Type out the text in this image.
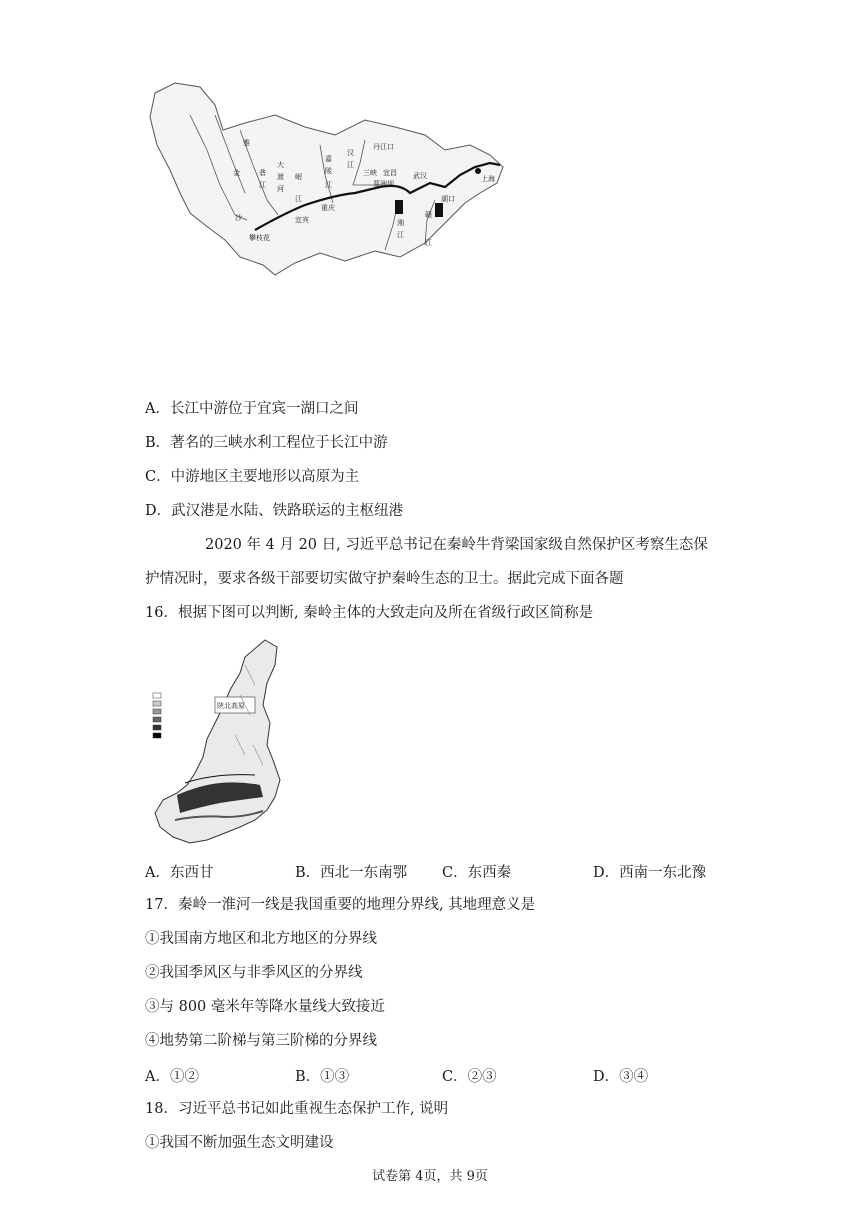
雅
金	砻
江
沙
大
渡
河
岷
江
嘉
陵
江
汉
江
丹江口
三峡 宜昌
葛洲坝
武汉
重庆
宜宾
湖口
上海
湘
江
赣
江
攀枝花
A．长江中游位于宜宾一湖口之间
B．著名的三峡水利工程位于长江中游
C．中游地区主要地形以高原为主
D．武汉港是水陆、铁路联运的主枢纽港
2020 年 4 月 20 日, 习近平总书记在秦岭牛背梁国家级自然保护区考察生态保
护情况时，要求各级干部要切实做守护秦岭生态的卫士。据此完成下面各题
16．根据下图可以判断, 秦岭主体的大致走向及所在省级行政区简称是
陕北高原
A．东西甘	B．西北一东南鄂 C．东西秦	D．西南一东北豫
17．秦岭一淮河一线是我国重要的地理分界线, 其地理意义是
①我国南方地区和北方地区的分界线
②我国季风区与非季风区的分界线
③与 800 毫米年等降水量线大致接近
④地势第二阶梯与第三阶梯的分界线
A．①②	B．①③	C．②③	D．③④
18．习近平总书记如此重视生态保护工作, 说明
①我国不断加强生态文明建设
试卷第 4页，共 9页
